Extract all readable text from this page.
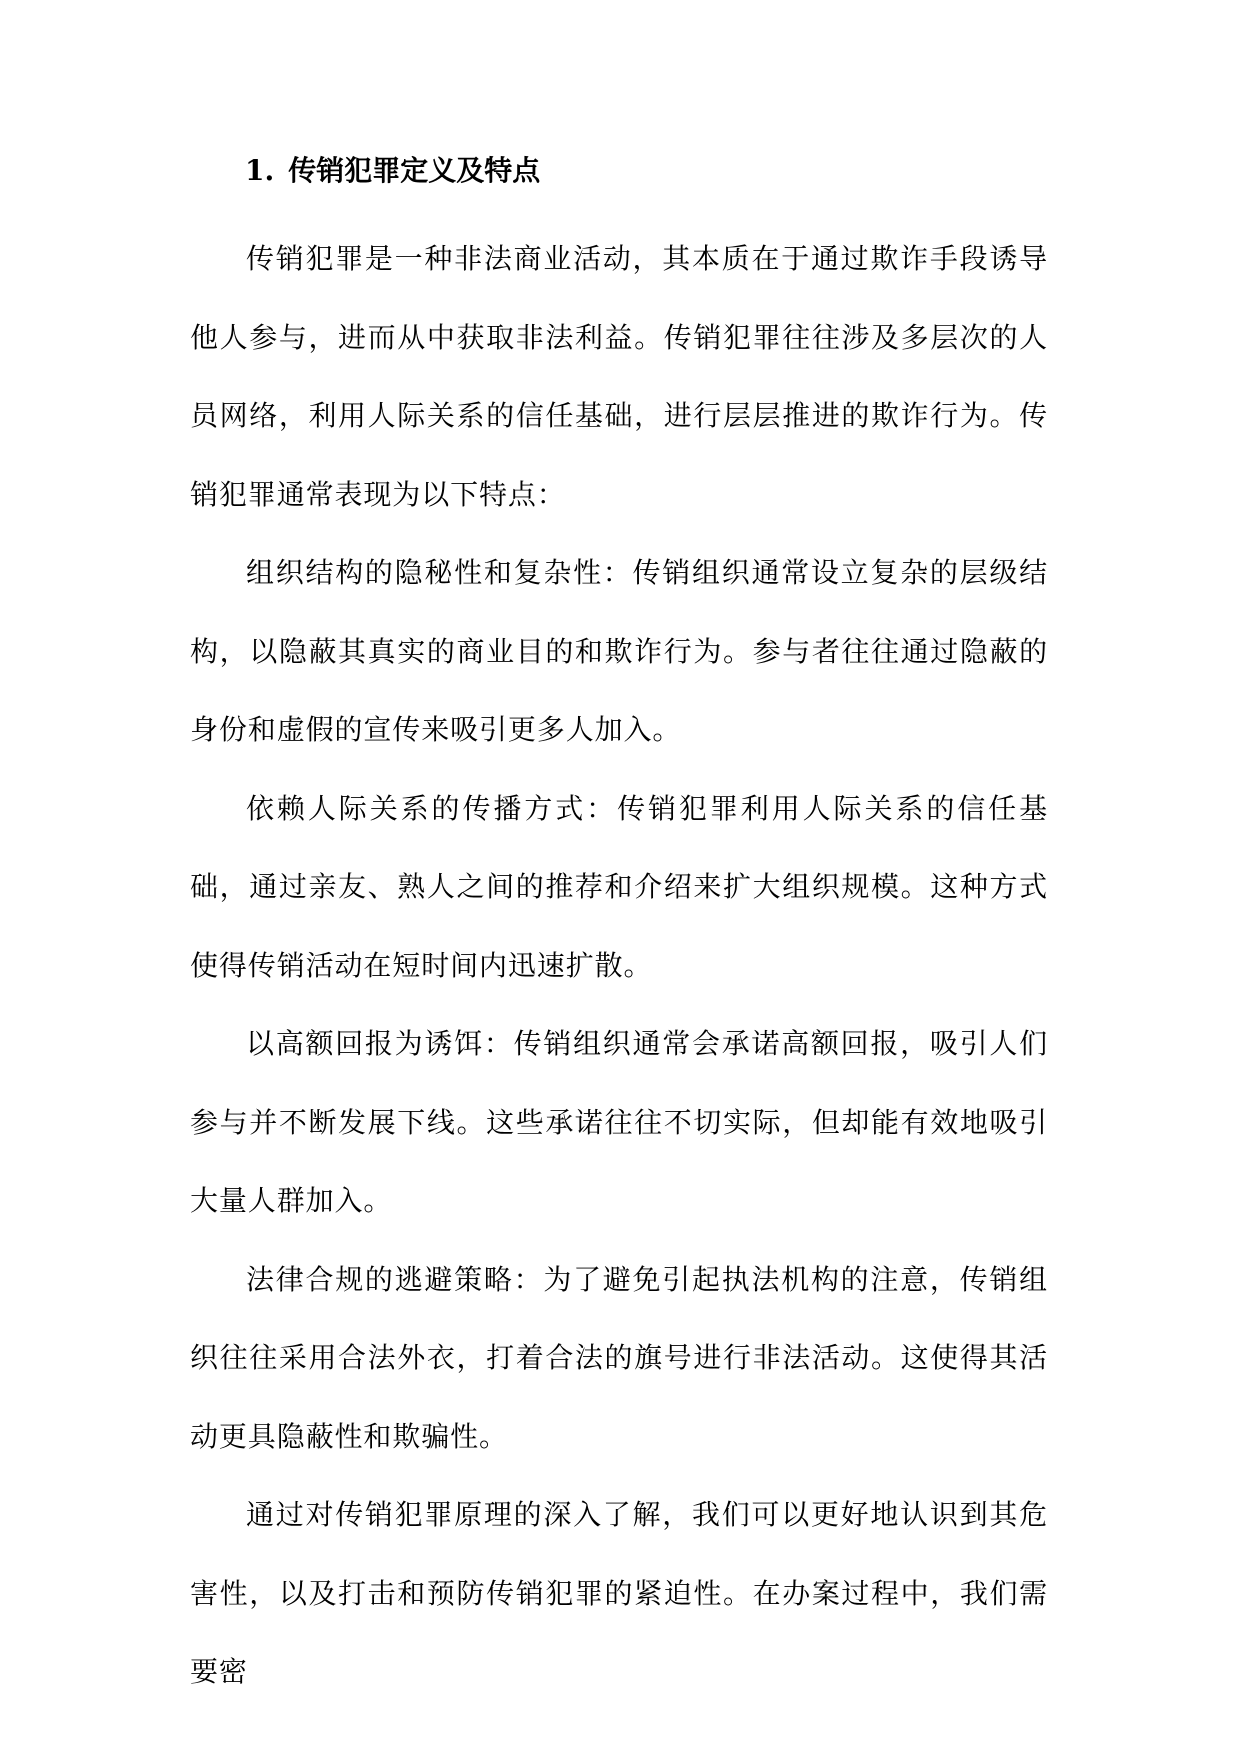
1. 传销犯罪定义及特点

传销犯罪是一种非法商业活动，其本质在于通过欺诈手段诱导他人参与，进而从中获取非法利益。传销犯罪往往涉及多层次的人员网络，利用人际关系的信任基础，进行层层推进的欺诈行为。传销犯罪通常表现为以下特点：

组织结构的隐秘性和复杂性：传销组织通常设立复杂的层级结构，以隐蔽其真实的商业目的和欺诈行为。参与者往往通过隐蔽的身份和虚假的宣传来吸引更多人加入。

依赖人际关系的传播方式：传销犯罪利用人际关系的信任基础，通过亲友、熟人之间的推荐和介绍来扩大组织规模。这种方式使得传销活动在短时间内迅速扩散。

以高额回报为诱饵：传销组织通常会承诺高额回报，吸引人们参与并不断发展下线。这些承诺往往不切实际，但却能有效地吸引大量人群加入。

法律合规的逃避策略：为了避免引起执法机构的注意，传销组织往往采用合法外衣，打着合法的旗号进行非法活动。这使得其活动更具隐蔽性和欺骗性。

通过对传销犯罪原理的深入了解，我们可以更好地认识到其危害性，以及打击和预防传销犯罪的紧迫性。在办案过程中，我们需要密
